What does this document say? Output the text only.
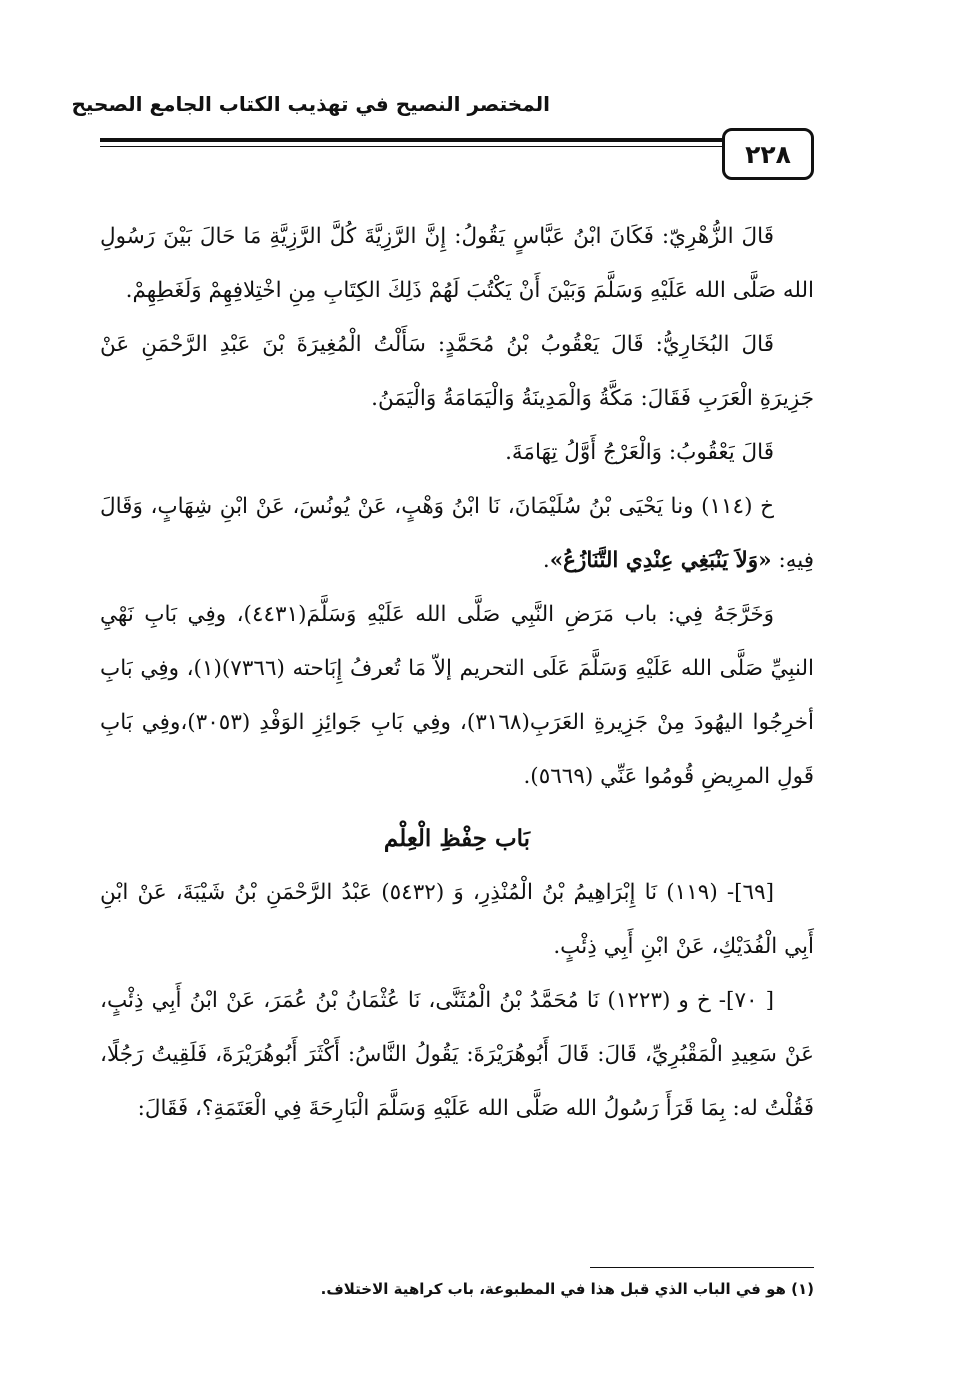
المختصر النصيح في تهذيب الكتاب الجامع الصحيح
٢٢٨

قَالَ الزُّهْرِيّ: فَكَانَ ابْنُ عَبَّاسٍ يَقُولُ: إِنَّ الرَّزِيَّةَ كُلَّ الرَّزِيَّةِ مَا حَالَ بَيْنَ رَسُولِ الله صَلَّى الله عَلَيْهِ وَسَلَّمَ وَبَيْنَ أَنْ يَكْتُبَ لَهُمْ ذَلِكَ الكِتَابِ مِنِ اخْتِلافِهِمْ وَلَغَطِهِمْ.

قَالَ البُخَارِيُّ: قَالَ يَعْقُوبُ بْنُ مُحَمَّدٍ: سَأَلْتُ الْمُغِيرَةَ بْنَ عَبْدِ الرَّحْمَنِ عَنْ جَزِيرَةِ الْعَرَبِ فَقَالَ: مَكَّةُ وَالْمَدِينَةُ وَالْيَمَامَةُ وَالْيَمَنُ.

قَالَ يَعْقُوبُ: وَالْعَرْجُ أَوَّلُ تِهَامَةَ.

خ (١١٤) ونا يَحْيَى بْنُ سُلَيْمَانَ، نَا ابْنُ وَهْبٍ، عَنْ يُونُسَ، عَنْ ابْنِ شِهَابٍ، وَقَالَ فِيهِ: «وَلاَ يَنْبَغِي عِنْدِي التَّنَازُعُ».

وَخَرَّجَهُ فِي: باب مَرَضِ النَّبِي صَلَّى الله عَلَيْهِ وَسَلَّمَ(٤٤٣١)، وفِي بَابِ نَهْيِ النبِيِّ صَلَّى الله عَلَيْهِ وَسَلَّمَ عَلَى التحريم إلاّ مَا تُعرفُ إِبَاحته (٧٣٦٦)(١)، وفِي بَابِ أخرِجُوا اليهُودَ مِنْ جَزِيرةِ العَرَبِ(٣١٦٨)، وفِي بَابِ جَوائِزِ الوَفْدِ (٣٠٥٣)،وفِي بَابِ قَولِ المرِيضِ قُومُوا عَنِّي (٥٦٦٩).

بَاب حِفْظِ الْعِلْم

[٦٩]- (١١٩) نَا إِبْرَاهِيمُ بْنُ الْمُنْذِرِ، وَ (٥٤٣٢) عَبْدُ الرَّحْمَنِ بْنُ شَيْبَةَ، عَنْ ابْنِ أَبِي الْفُدَيْكِ، عَنْ ابْنِ أَبِي ذِئْبٍ.

[ ٧٠]- خ و (١٢٢٣) نَا مُحَمَّدُ بْنُ الْمُثَنَّى، نَا عُثْمَانُ بْنُ عُمَرَ، عَنْ ابْنُ أَبِي ذِئْبٍ، عَنْ سَعِيدِ الْمَقْبُرِيِّ، قَالَ: قَالَ أَبُوهُرَيْرَةَ: يَقُولُ النَّاسُ: أَكْثَرَ أَبُوهُرَيْرَةَ، فَلَقِيتُ رَجُلًا، فَقُلْتُ له: بِمَا قَرَأَ رَسُولُ الله صَلَّى الله عَلَيْهِ وَسَلَّمَ الْبَارِحَةَ فِي الْعَتَمَةِ؟، فَقَالَ:

(١) هو في الباب الذي قبل هذا في المطبوعة، باب كراهية الاختلاف.
